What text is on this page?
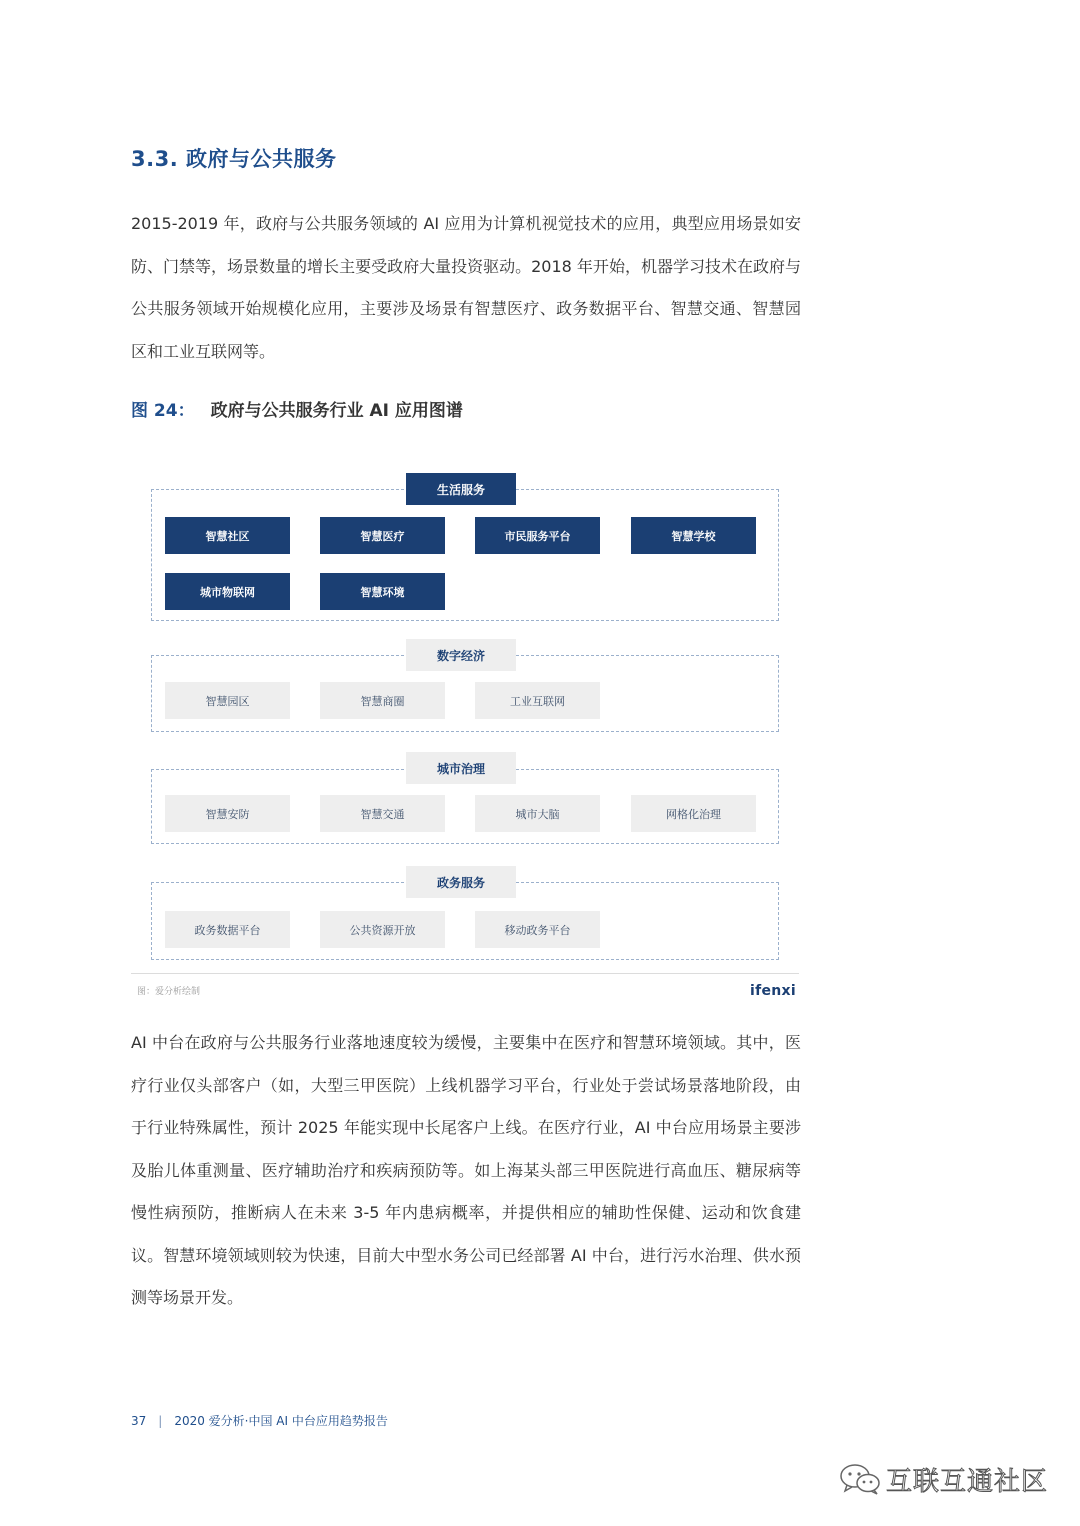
3.3. 政府与公共服务

2015-2019 年，政府与公共服务领域的 AI 应用为计算机视觉技术的应用，典型应用场景如安防、门禁等，场景数量的增长主要受政府大量投资驱动。2018 年开始，机器学习技术在政府与公共服务领域开始规模化应用，主要涉及场景有智慧医疗、政务数据平台、智慧交通、智慧园区和工业互联网等。

图 24： 政府与公共服务行业 AI 应用图谱
生活服务
数字经济
城市治理
政务服务
智慧社区	智慧医疗	市民服务平台	智慧学校
城市物联网	智慧环境
智慧园区	智慧商圈	工业互联网
智慧安防	智慧交通	城市大脑	网格化治理
政务数据平台	公共资源开放	移动政务平台
图：爱分析绘制	ifenxi

AI 中台在政府与公共服务行业落地速度较为缓慢，主要集中在医疗和智慧环境领域。其中，医疗行业仅头部客户（如，大型三甲医院）上线机器学习平台，行业处于尝试场景落地阶段，由于行业特殊属性，预计 2025 年能实现中长尾客户上线。在医疗行业，AI 中台应用场景主要涉及胎儿体重测量、医疗辅助治疗和疾病预防等。如上海某头部三甲医院进行高血压、糖尿病等慢性病预防，推断病人在未来 3-5 年内患病概率，并提供相应的辅助性保健、运动和饮食建议。智慧环境领域则较为快速，目前大中型水务公司已经部署 AI 中台，进行污水治理、供水预测等场景开发。

37 | 2020 爱分析·中国 AI 中台应用趋势报告
互联互通社区
